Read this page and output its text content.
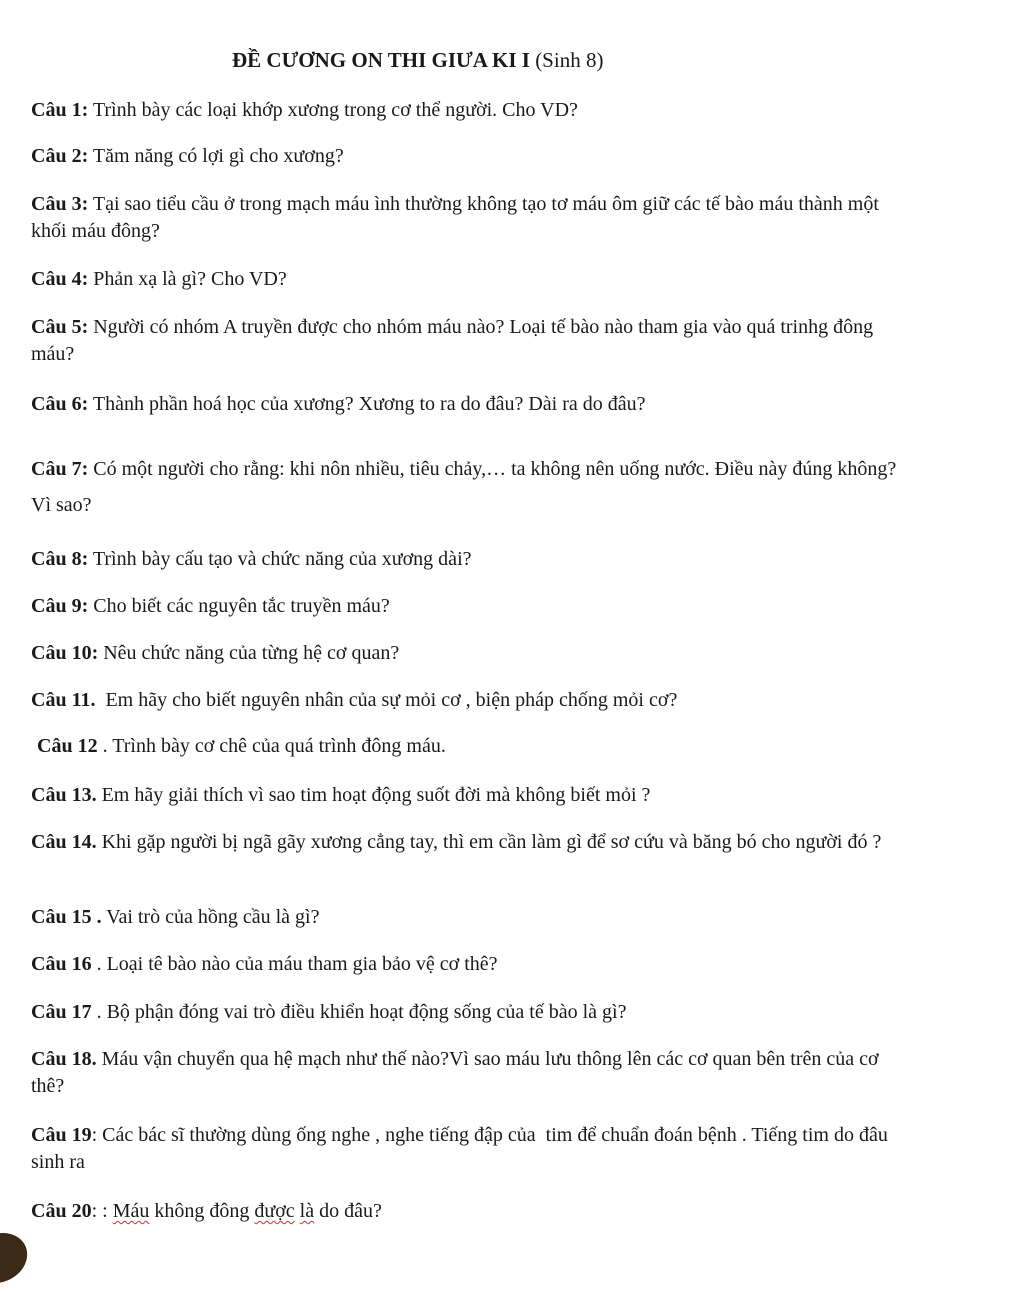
ĐỀ CƯƠNG ON THI GIƯA KI I (Sinh 8)

Câu 1: Trình bày các loại khớp xương trong cơ thể người. Cho VD?

Câu 2: Tăm năng có lợi gì cho xương?

Câu 3: Tại sao tiểu cầu ở trong mạch máu ình thường không tạo tơ máu ôm giữ các tế bào máu thành một khối máu đông?

Câu 4: Phản xạ là gì? Cho VD?

Câu 5: Người có nhóm A truyền được cho nhóm máu nào? Loại tế bào nào tham gia vào quá trinhg đông máu?

Câu 6: Thành phần hoá học của xương? Xương to ra do đâu? Dài ra do đâu?

Câu 7: Có một người cho rằng: khi nôn nhiều, tiêu chảy,… ta không nên uống nước. Điều này đúng không? Vì sao?

Câu 8: Trình bày cấu tạo và chức năng của xương dài?

Câu 9: Cho biết các nguyên tắc truyền máu?

Câu 10: Nêu chức năng của từng hệ cơ quan?

Câu 11.  Em hãy cho biết nguyên nhân của sự mỏi cơ , biện pháp chống mỏi cơ?

Câu 12 . Trình bày cơ chê của quá trình đông máu.

Câu 13. Em hãy giải thích vì sao tim hoạt động suốt đời mà không biết mỏi ?

Câu 14. Khi gặp người bị ngã gãy xương cẳng tay, thì em cần làm gì để sơ cứu và băng bó cho người đó ?

Câu 15 . Vai trò của hồng cầu là gì?

Câu 16 . Loại tê bào nào của máu tham gia bảo vệ cơ thê?

Câu 17 . Bộ phận đóng vai trò điều khiển hoạt động sống của tế bào là gì?

Câu 18. Máu vận chuyển qua hệ mạch như thế nào?Vì sao máu lưu thông lên các cơ quan bên trên của cơ thê?

Câu 19: Các bác sĩ thường dùng ống nghe , nghe tiếng đập của  tim để chuẩn đoán bệnh . Tiếng tim do đâu sinh ra

Câu 20: : Máu không đông được là do đâu?
